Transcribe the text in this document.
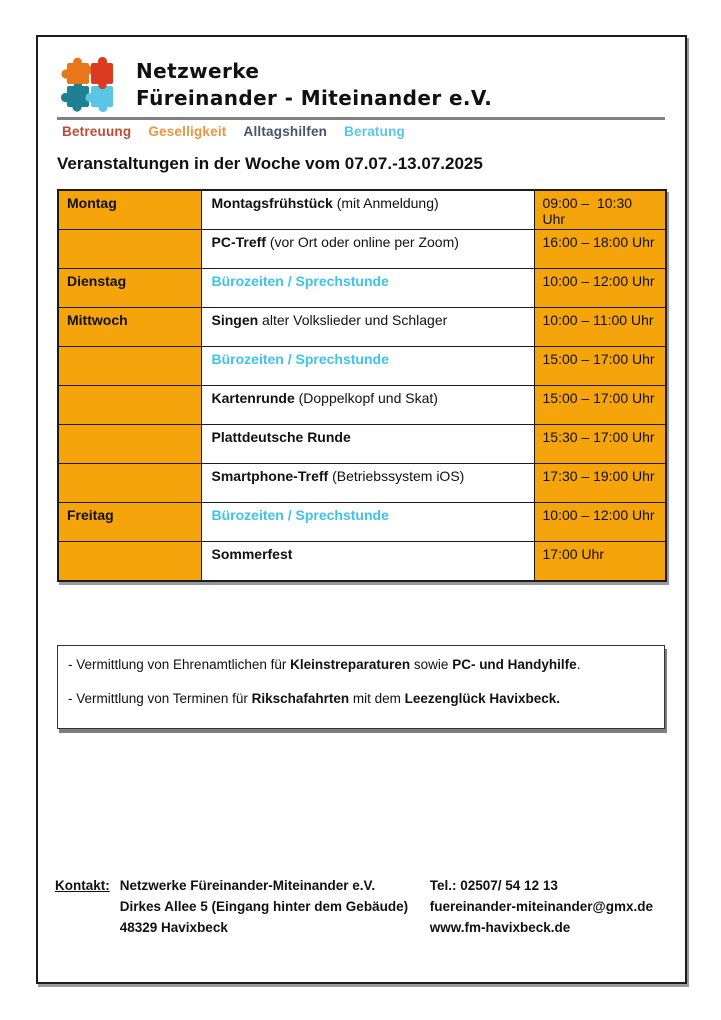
Netzwerke
Füreinander - Miteinander e.V.
Betreuung Geselligkeit Alltagshilfen Beratung
Veranstaltungen in der Woche vom 07.07.-13.07.2025
Montag	Montagsfrühstück (mit Anmeldung)	09:00 –  10:30 Uhr
	PC-Treff (vor Ort oder online per Zoom)	16:00 – 18:00 Uhr
Dienstag	Bürozeiten / Sprechstunde	10:00 – 12:00 Uhr
Mittwoch	Singen alter Volkslieder und Schlager	10:00 – 11:00 Uhr
	Bürozeiten / Sprechstunde	15:00 – 17:00 Uhr
	Kartenrunde (Doppelkopf und Skat)	15:00 – 17:00 Uhr
	Plattdeutsche Runde	15:30 – 17:00 Uhr
	Smartphone-Treff (Betriebssystem iOS)	17:30 – 19:00 Uhr
Freitag	Bürozeiten / Sprechstunde	10:00 – 12:00 Uhr
	Sommerfest	17:00 Uhr
- Vermittlung von Ehrenamtlichen für Kleinstreparaturen sowie PC- und Handyhilfe.
- Vermittlung von Terminen für Rikschafahrten mit dem Leezenglück Havixbeck.
Kontakt: Netzwerke Füreinander-Miteinander e.V.
Dirkes Allee 5 (Eingang hinter dem Gebäude)
48329 Havixbeck
Tel.: 02507/ 54 12 13
fuereinander-miteinander@gmx.de
www.fm-havixbeck.de
